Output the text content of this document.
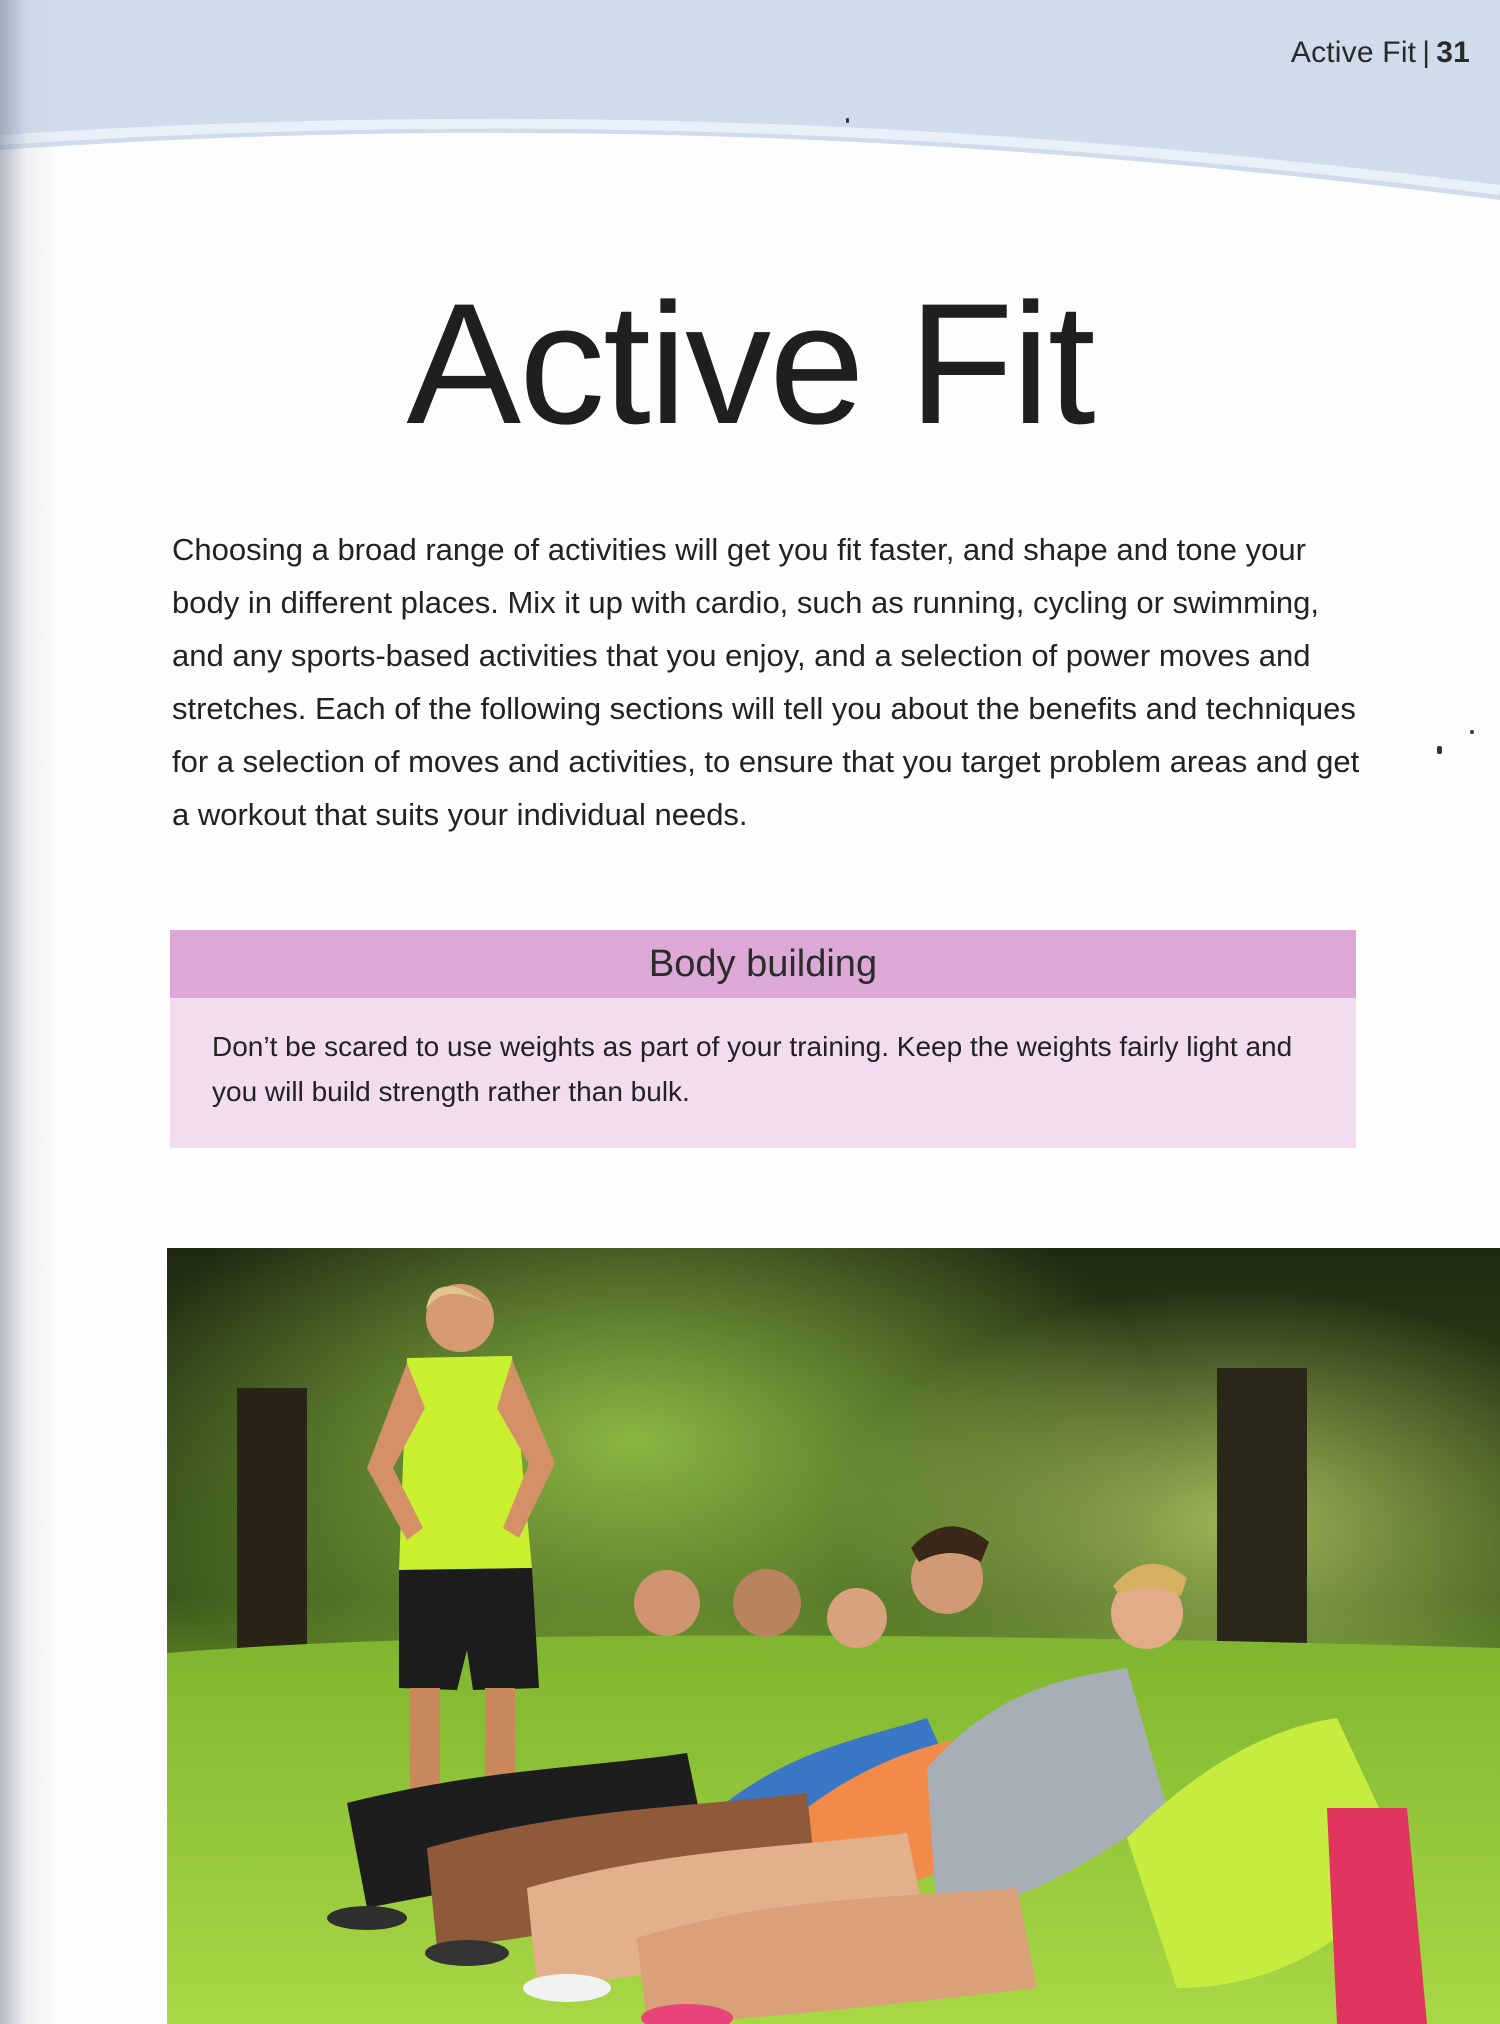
Active Fit | 31
Active Fit

Choosing a broad range of activities will get you fit faster, and shape and tone your body in different places. Mix it up with cardio, such as running, cycling or swimming, and any sports-based activities that you enjoy, and a selection of power moves and stretches. Each of the following sections will tell you about the benefits and techniques for a selection of moves and activities, to ensure that you target problem areas and get a workout that suits your individual needs.

Body building
Don’t be scared to use weights as part of your training. Keep the weights fairly light and you will build strength rather than bulk.
